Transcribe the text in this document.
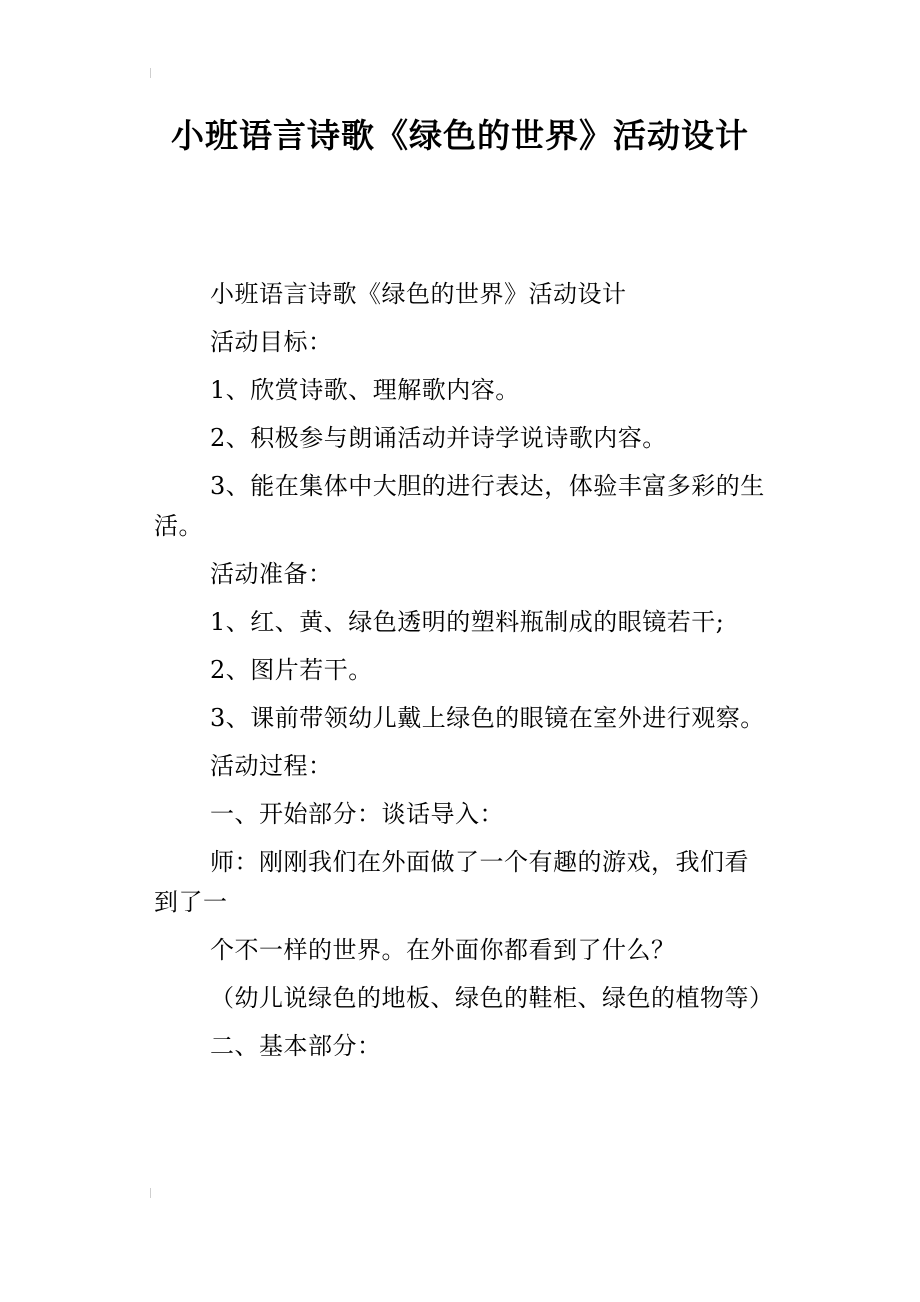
小班语言诗歌《绿色的世界》活动设计

小班语言诗歌《绿色的世界》活动设计

活动目标：

1、欣赏诗歌、理解歌内容。

2、积极参与朗诵活动并诗学说诗歌内容。

3、能在集体中大胆的进行表达，体验丰富多彩的生活。

活动准备：

1、红、黄、绿色透明的塑料瓶制成的眼镜若干;

2、图片若干。

3、课前带领幼儿戴上绿色的眼镜在室外进行观察。

活动过程：

一、开始部分：谈话导入：

师：刚刚我们在外面做了一个有趣的游戏，我们看到了一

个不一样的世界。在外面你都看到了什么？

（幼儿说绿色的地板、绿色的鞋柜、绿色的植物等）

二、基本部分：
